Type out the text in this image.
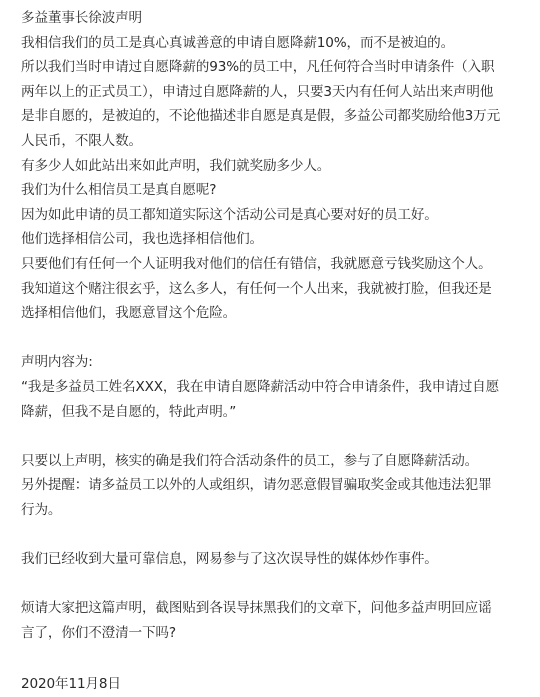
多益董事长徐波声明
我相信我们的员工是真心真诚善意的申请自愿降薪10%，而不是被迫的。
所以我们当时申请过自愿降薪的93%的员工中，凡任何符合当时申请条件（入职
两年以上的正式员工），申请过自愿降薪的人，只要3天内有任何人站出来声明他
是非自愿的，是被迫的，不论他描述非自愿是真是假，多益公司都奖励给他3万元
人民币，不限人数。
有多少人如此站出来如此声明，我们就奖励多少人。
我们为什么相信员工是真自愿呢?
因为如此申请的员工都知道实际这个活动公司是真心要对好的员工好。
他们选择相信公司，我也选择相信他们。
只要他们有任何一个人证明我对他们的信任有错信，我就愿意亏钱奖励这个人。
我知道这个赌注很玄乎，这么多人，有任何一个人出来，我就被打脸，但我还是
选择相信他们，我愿意冒这个危险。
声明内容为:
“我是多益员工姓名XXX，我在申请自愿降薪活动中符合申请条件，我申请过自愿
降薪，但我不是自愿的，特此声明。”
只要以上声明，核实的确是我们符合活动条件的员工，参与了自愿降薪活动。
另外提醒：请多益员工以外的人或组织，请勿恶意假冒骗取奖金或其他违法犯罪
行为。
我们已经收到大量可靠信息，网易参与了这次误导性的媒体炒作事件。
烦请大家把这篇声明，截图贴到各误导抹黑我们的文章下，问他多益声明回应谣
言了，你们不澄清一下吗?
2020年11月8日
